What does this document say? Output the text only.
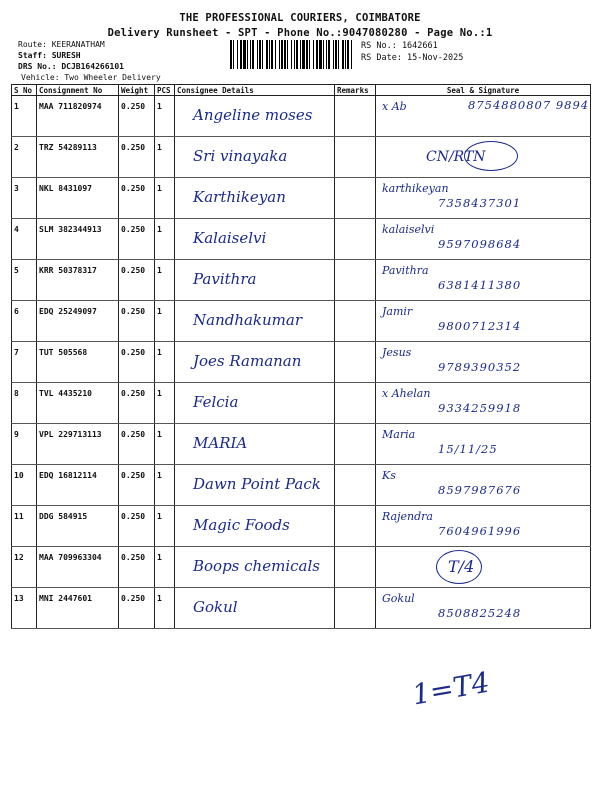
THE PROFESSIONAL COURIERS, COIMBATORE
Delivery Runsheet - SPT - Phone No.:9047080280 - Page No.:1
Route: KEERANATHAM
Staff: SURESH
DRS No.: DCJB164266101
Vehicle: Two Wheeler Delivery
RS No.: 1642661
RS Date: 15-Nov-2025
S No	Consignment No	Weight	PCS	Consignee Details	Remarks	Seal & Signature

1	MAA 711820974	0.250	1	Angeline moses		x Ab 8754880807 9894

2	TRZ 54289113	0.250	1	Sri vinayaka		CN/RTN

3	NKL 8431097	0.250	1	Karthikeyan		karthikeyan
7358437301

4	SLM 382344913	0.250	1	Kalaiselvi		kalaiselvi
9597098684

5	KRR 50378317	0.250	1	Pavithra		Pavithra
6381411380

6	EDQ 25249097	0.250	1	Nandhakumar		Jamir
9800712314

7	TUT 505568	0.250	1	Joes Ramanan		Jesus
9789390352

8	TVL 4435210	0.250	1	Felcia		x Ahelan
9334259918

9	VPL 229713113	0.250	1	MARIA		Maria
15/11/25

10	EDQ 16812114	0.250	1	Dawn Point Pack		Ks
8597987676

11	DDG 584915	0.250	1	Magic Foods		Rajendra
7604961996

12	MAA 709963304	0.250	1	Boops chemicals		T/4

13	MNI 2447601	0.250	1	Gokul		Gokul
8508825248
1=T4
